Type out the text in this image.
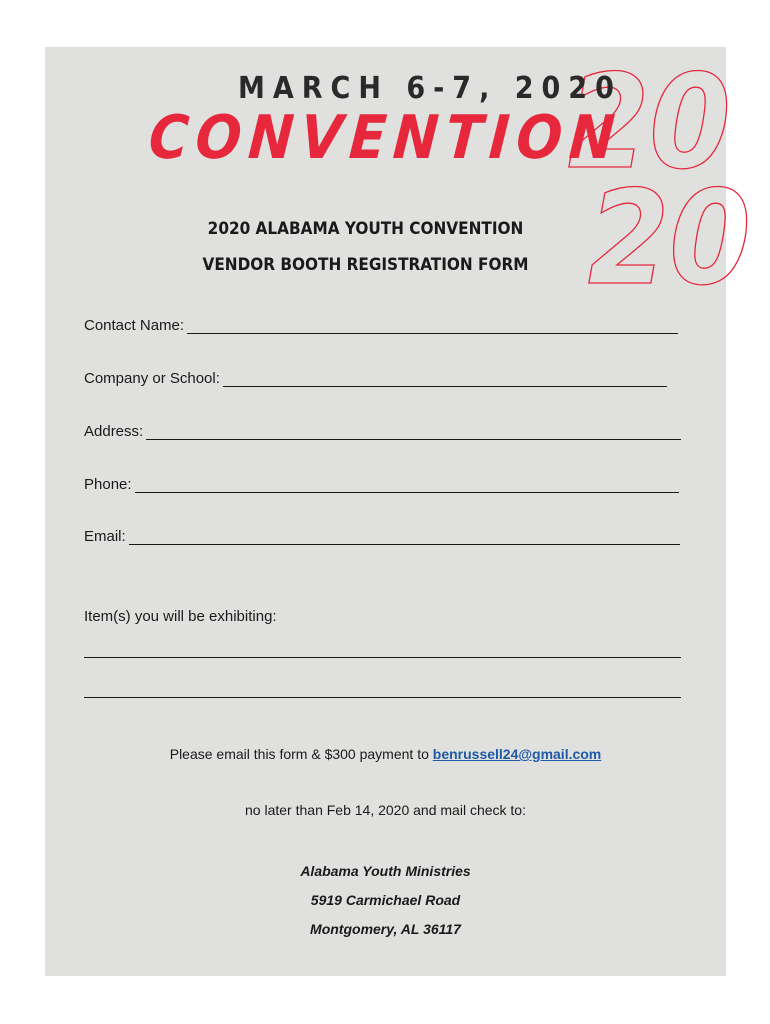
20
20
MARCH 6-7, 2020
CONVENTION
2020 ALABAMA YOUTH CONVENTION
VENDOR BOOTH REGISTRATION FORM
Contact Name:
Company or School:
Address:
Phone:
Email:
Item(s) you will be exhibiting:
Please email this form & $300 payment to benrussell24@gmail.com
no later than Feb 14, 2020 and mail check to:
Alabama Youth Ministries
5919 Carmichael Road
Montgomery, AL 36117
